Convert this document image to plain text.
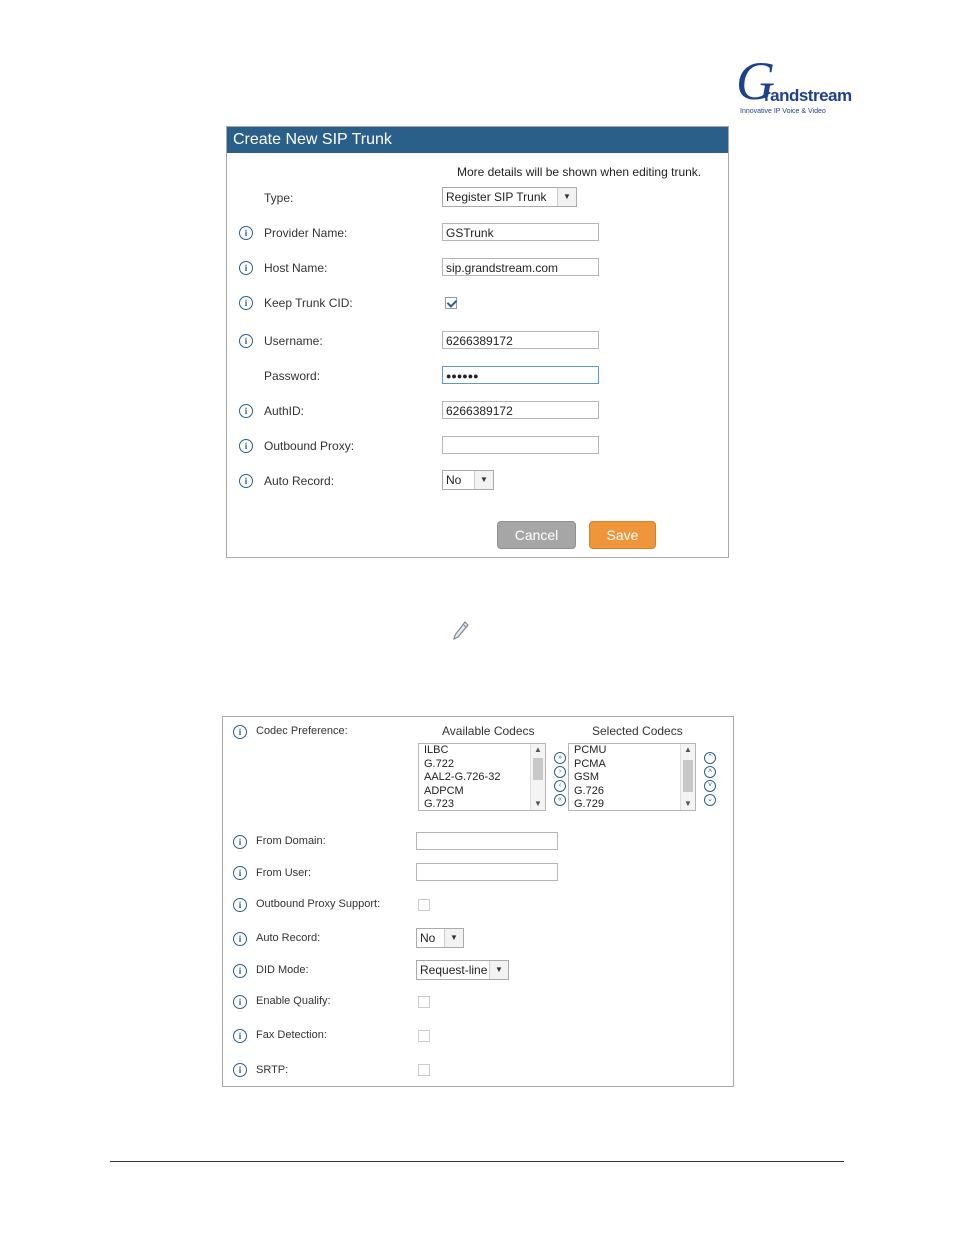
G
randstream
Innovative IP Voice & Video
Create New SIP Trunk
More details will be shown when editing trunk.
Type:	Register SIP Trunk	▼
i	Provider Name:	GSTrunk
i	Host Name:	sip.grandstream.com
i	Keep Trunk CID:
i	Username:	6266389172
Password:	●●●●●●
i	AuthID:	6266389172
i	Outbound Proxy:
i	Auto Record:	No	▼
Cancel	Save
i	Codec Preference:	Available Codecs	Selected Codecs
ILBC
G.722
AAL2-G.726-32
ADPCM
G.723
▲
▼
»
›
‹
«
PCMU
PCMA
GSM
G.726
G.729
▲
▼
⌃
˄
˅
⌄
i	From Domain:
i	From User:
i	Outbound Proxy Support:
i	Auto Record:	No	▼
i	DID Mode:	Request-line ▼
i	Enable Qualify:
i	Fax Detection:
i	SRTP:
